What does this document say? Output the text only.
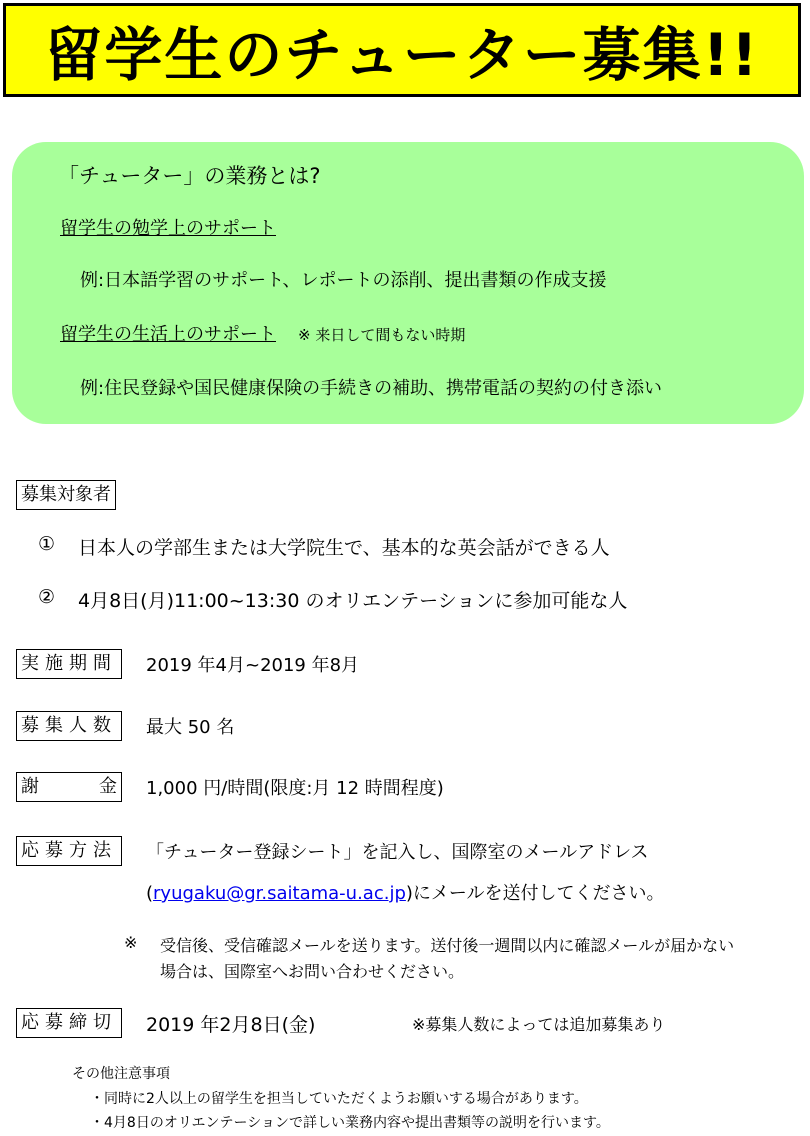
留学生のチューター募集!!
「チューター」の業務とは?
留学生の勉学上のサポート
例:日本語学習のサポート、レポートの添削、提出書類の作成支援
留学生の生活上のサポート ※ 来日して間もない時期
例:住民登録や国民健康保険の手続きの補助、携帯電話の契約の付き添い
募集対象者
① 日本人の学部生または大学院生で、基本的な英会話ができる人
② 4月8日(月)11:00~13:30 のオリエンテーションに参加可能な人
実施期間 2019 年4月~2019 年8月
募集人数 最大 50 名
謝	金 1,000 円/時間(限度:月 12 時間程度)
応募方法 「チューター登録シート」を記入し、国際室のメールアドレス
(ryugaku@gr.saitama-u.ac.jp)にメールを送付してください。
※ 受信後、受信確認メールを送ります。送付後一週間以内に確認メールが届かない
場合は、国際室へお問い合わせください。
応募締切 2019 年2月8日(金)	※募集人数によっては追加募集あり
その他注意事項
・同時に2人以上の留学生を担当していただくようお願いする場合があります。
・4月8日のオリエンテーションで詳しい業務内容や提出書類等の説明を行います。
